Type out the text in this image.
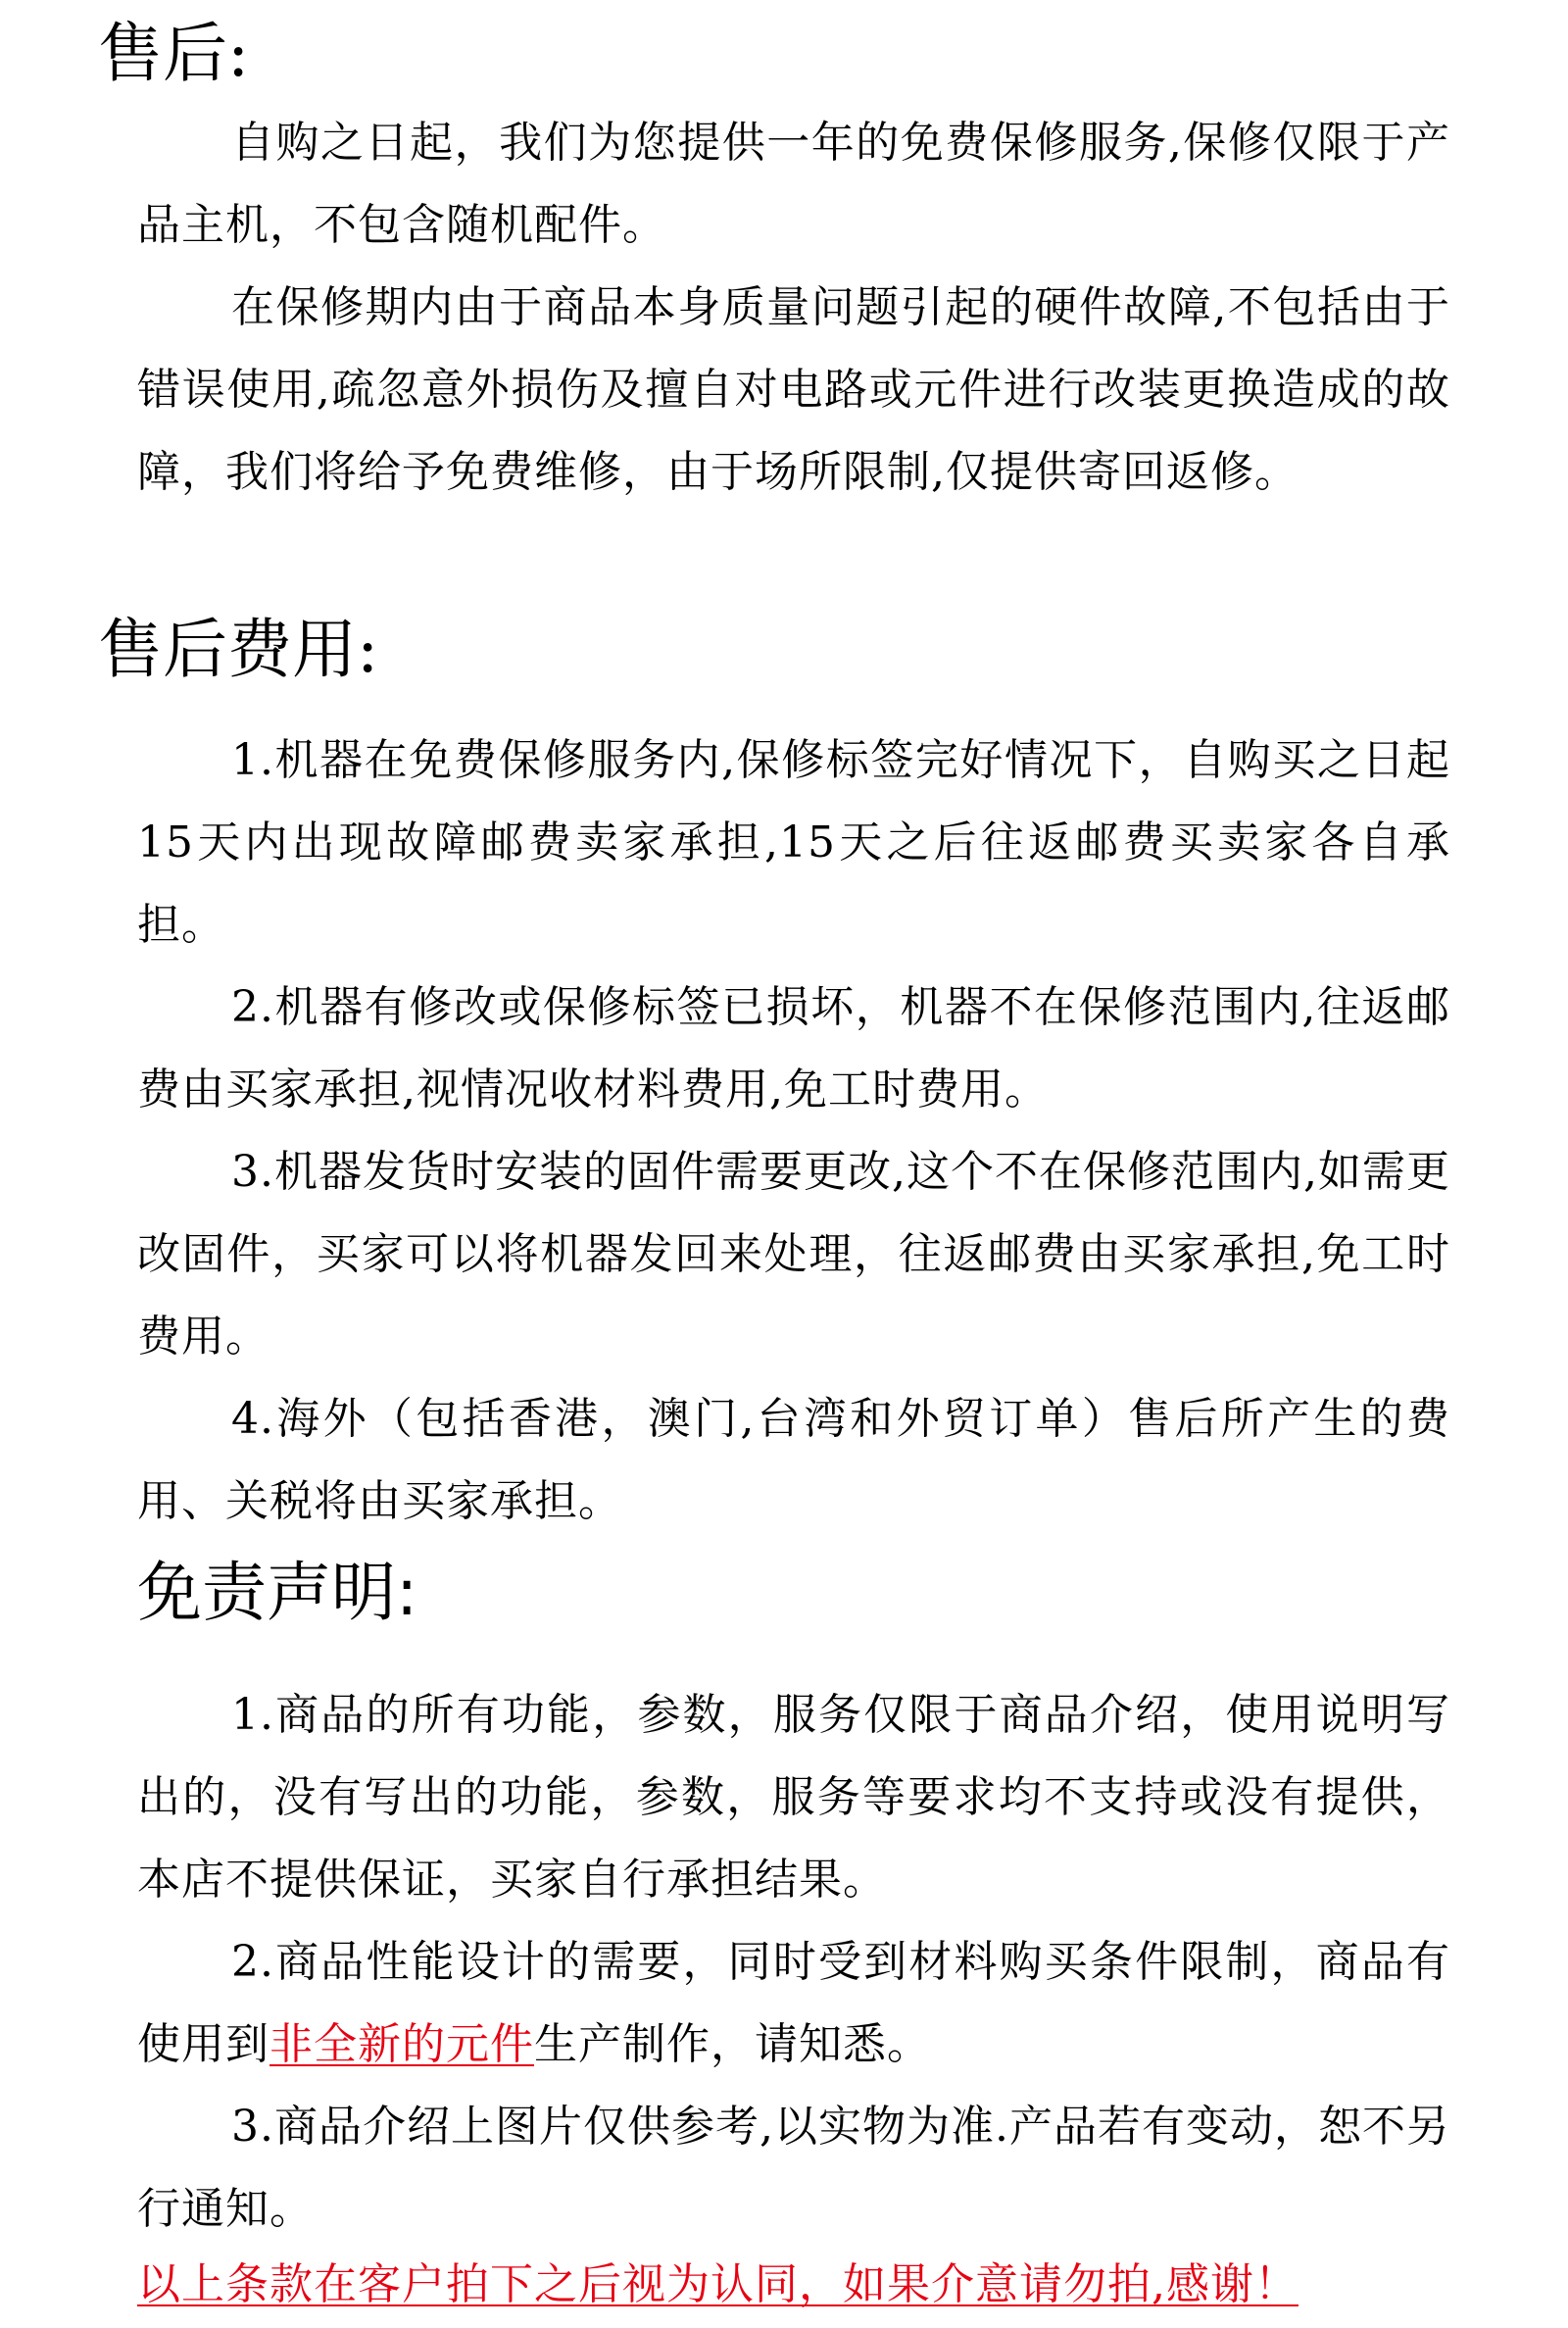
售后:

自购之日起，我们为您提供一年的免费保修服务,保修仅限于产品主机，不包含随机配件。

在保修期内由于商品本身质量问题引起的硬件故障,不包括由于错误使用,疏忽意外损伤及擅自对电路或元件进行改装更换造成的故障，我们将给予免费维修，由于场所限制,仅提供寄回返修。

售后费用:

1.机器在免费保修服务内,保修标签完好情况下，自购买之日起15天内出现故障邮费卖家承担,15天之后往返邮费买卖家各自承担。

2.机器有修改或保修标签已损坏，机器不在保修范围内,往返邮费由买家承担,视情况收材料费用,免工时费用。

3.机器发货时安装的固件需要更改,这个不在保修范围内,如需更改固件，买家可以将机器发回来处理，往返邮费由买家承担,免工时费用。

4.海外（包括香港，澳门,台湾和外贸订单）售后所产生的费用、关税将由买家承担。

免责声明:

1.商品的所有功能，参数，服务仅限于商品介绍，使用说明写出的，没有写出的功能，参数，服务等要求均不支持或没有提供，本店不提供保证，买家自行承担结果。

2.商品性能设计的需要，同时受到材料购买条件限制，商品有使用到非全新的元件生产制作，请知悉。

3.商品介绍上图片仅供参考,以实物为准.产品若有变动，恕不另行通知。

以上条款在客户拍下之后视为认同，如果介意请勿拍,感谢！
